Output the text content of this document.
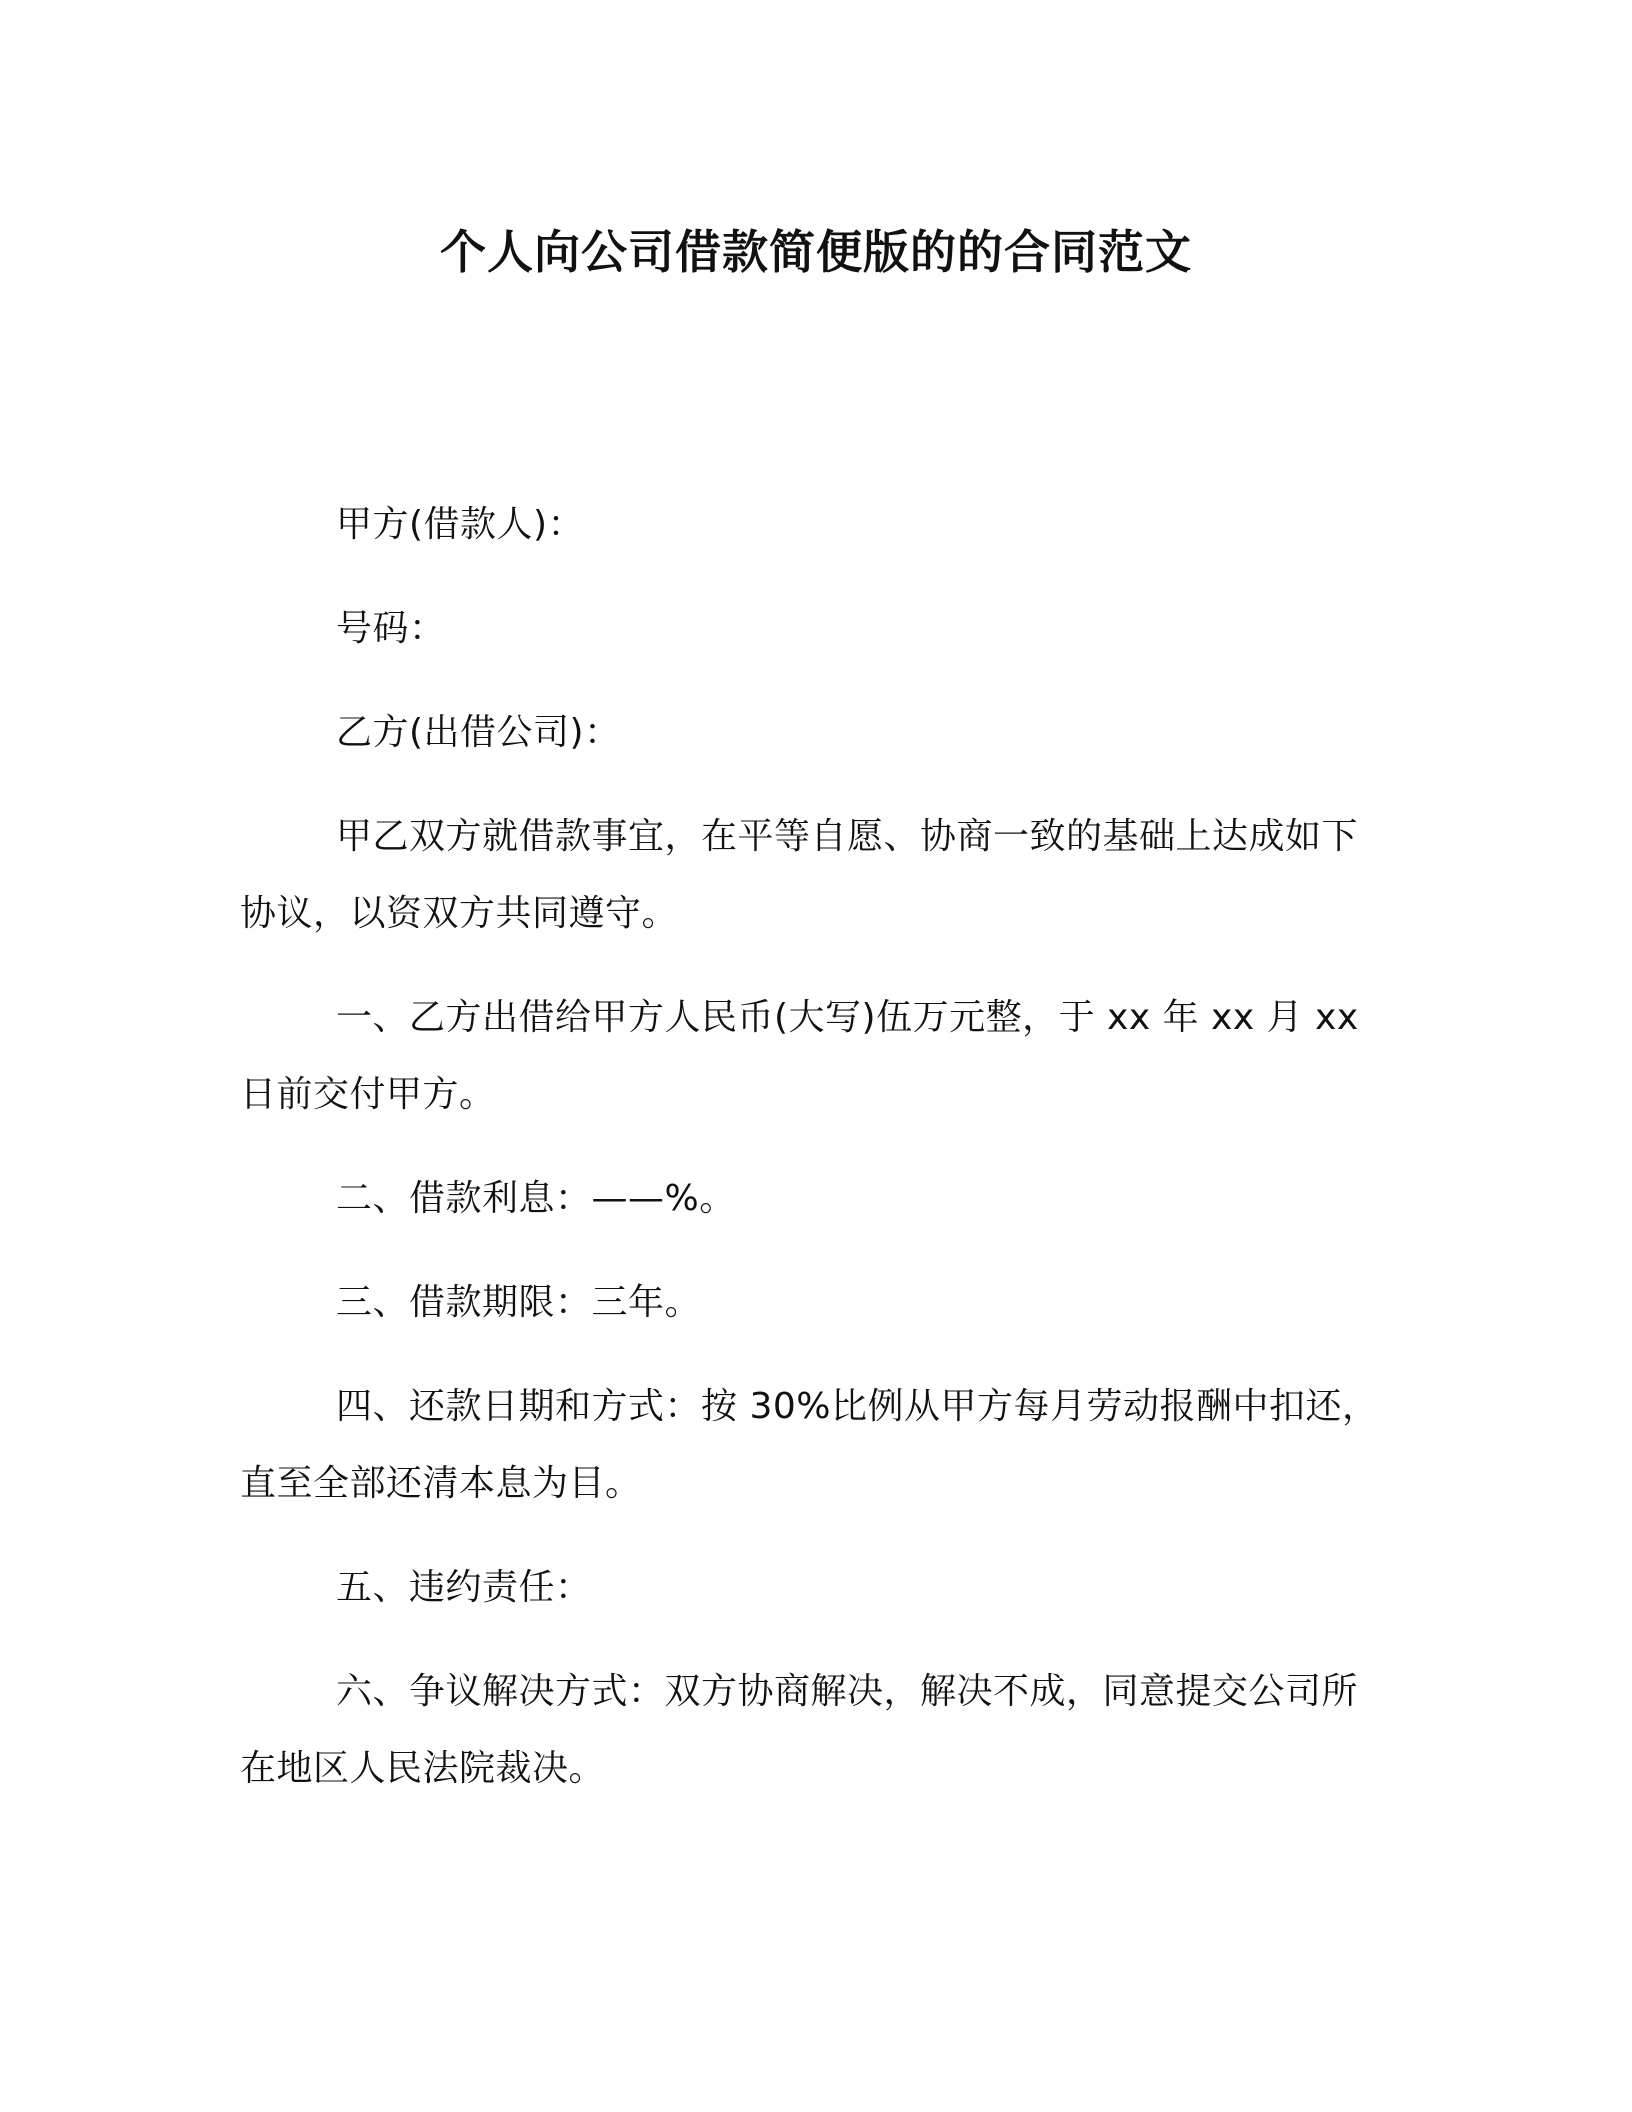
个人向公司借款简便版的的合同范文

甲方(借款人)：

号码：

乙方(出借公司)：

甲乙双方就借款事宜，在平等自愿、协商一致的基础上达成如下协议，以资双方共同遵守。

一、乙方出借给甲方人民币(大写)伍万元整，于 xx 年 xx 月 xx 日前交付甲方。

二、借款利息：——%。

三、借款期限：三年。

四、还款日期和方式：按 30%比例从甲方每月劳动报酬中扣还，直至全部还清本息为目。

五、违约责任：

六、争议解决方式：双方协商解决，解决不成，同意提交公司所在地区人民法院裁决。
